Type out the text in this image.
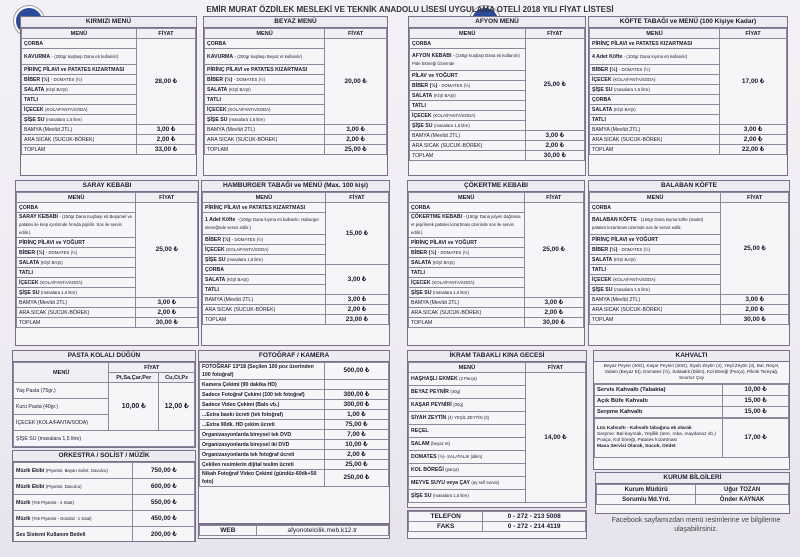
EMİR MURAT ÖZDİLEK MESLEKİ VE TEKNİK ANADOLU LİSESİ UYGULAMA OTELİ 2018 YILI FİYAT LİSTESİ
KIRMIZI MENÜ
MENÜ	FİYAT
ÇORBA	28,00 ₺
KAVURMA - (200gr kuşbaşı Dana eti kullanılır)	
PİRİNÇ PİLAVI ve PATATES KIZARTMASI	
BİBER (½) - DOMATES (½)	
SALATA (KİŞİ BAŞI)	
TATLI	
İÇECEK (KOLA/FANTA/SODA)	
ŞİŞE SU (masalara 1,5 litre)	
BAMYA (Mevlüt 2TL)	3,00 ₺
ARA SICAK (SUCUK-BÖREK)	2,00 ₺
TOPLAM	33,00 ₺
BEYAZ MENÜ
MENÜ	FİYAT
ÇORBA	20,00 ₺
KAVURMA - (200gr kuşbaşı Beyaz et kullanılır)	
PİRİNÇ PİLAVI ve PATATES KIZARTMASI	
BİBER (½) - DOMATES (½)	
SALATA (KİŞİ BAŞI)	
TATLI	
İÇECEK (KOLA/FANTA/SODA)	
ŞİŞE SU (masalara 1,5 litre)	
BAMYA (Mevlüt 2TL)	3,00 ₺
ARA SICAK (SUCUK-BÖREK)	2,00 ₺
TOPLAM	25,00 ₺
AFYON MENÜ
MENÜ	FİYAT
ÇORBA	25,00 ₺
AFYON KEBABI - (140gr kuşbaşı Dana eti kullanılır) Pide Ekmeği Üzerinde	
PİLAV ve YOĞURT	
BİBER (½) - DOMATES (½)	
SALATA (KİŞİ BAŞI)	
TATLI	
İÇECEK (KOLA/FANTA/SODA)	
ŞİŞE SU (masalara 1,5 litre)	
BAMYA (Mevlüt 2TL)	3,00 ₺
ARA SICAK (SUCUK-BÖREK)	2,00 ₺
TOPLAM	30,00 ₺
KÖFTE TABAĞI ve MENÜ (100 Kişiye Kadar)
MENÜ	FİYAT
PİRİNÇ PİLAVI ve PATATES KIZARTMASI	17,00 ₺
4 Adet Köfte - (100gr Dana kıyma eti kullanılır)	
BİBER (½) - DOMATES (½)	
İÇECEK (KOLA/FANTA/SODA)	
ŞİŞE SU (masalara 1,5 litre)	
ÇORBA	
SALATA (KİŞİ BAŞI)	
TATLI	
BAMYA (Mevlüt 2TL)	3,00 ₺
ARA SICAK (SUCUK-BÖREK)	2,00 ₺
TOPLAM	22,00 ₺
SARAY KEBABI
MENÜ	FİYAT
ÇORBA	25,00 ₺
SARAY KEBABI - (150gr Dana Kuşbaşı eti Beşamel ve patates ile krep içerisinde fırında pişirilir. Sos ile servis edilir.)	
PİRİNÇ PİLAVI ve YOĞURT	
BİBER (½) - DOMATES (½)	
SALATA (KİŞİ BAŞI)	
TATLI	
İÇECEK (KOLA/FANTA/SODA)	
ŞİŞE SU (masalara 1,5 litre)	
BAMYA (Mevlüt 2TL)	3,00 ₺
ARA SICAK (SUCUK-BÖREK)	2,00 ₺
TOPLAM	30,00 ₺
HAMBURGER TABAĞI ve MENÜ (Max. 100 kişi)
MENÜ	FİYAT
PİRİNÇ PİLAVI ve PATATES KIZARTMASI	15,00 ₺
1 Adet Köfte - (100gr Dana kıyma eti kullanılır. Haburger ekmeğinde servis edilir.)	
BİBER (½) - DOMATES (½)	
İÇECEK (KOLA/FANTA/SODA)	
ŞİŞE SU (masalara 1,5 litre)	
ÇORBA	3,00 ₺
SALATA (KİŞİ BAŞI)	
TATLI	
BAMYA (Mevlüt 2TL)	3,00 ₺
ARA SICAK (SUCUK-BÖREK)	2,00 ₺
TOPLAM	23,00 ₺
ÇÖKERTME KEBABI
MENÜ	FİYAT
ÇORBA	25,00 ₺
ÇÖKERTME KEBABI - (150gr Dana julyen doğrama et pişirilerek patates kızartması üzerinde sos ile servis edilir.)	
PİRİNÇ PİLAVI ve YOĞURT	
BİBER (½) - DOMATES (½)	
SALATA (KİŞİ BAŞI)	
TATLI	
İÇECEK (KOLA/FANTA/SODA)	
ŞİŞE SU (masalara 1,5 litre)	
BAMYA (Mevlüt 2TL)	3,00 ₺
ARA SICAK (SUCUK-BÖREK)	2,00 ₺
TOPLAM	30,00 ₺
BALABAN KÖFTE
MENÜ	FİYAT
ÇORBA	25,00 ₺
BALABAN KÖFTE - (150gr Dana kıyma köfte (Sadet) patates kızartması üzerinde sos ile servis edilir.	
PİRİNÇ PİLAVI ve YOĞURT	
BİBER (½) - DOMATES (½)	
SALATA (KİŞİ BAŞI)	
TATLI	
İÇECEK (KOLA/FANTA/SODA)	
ŞİŞE SU (masalara 1,5 litre)	
BAMYA (Mevlüt 2TL)	3,00 ₺
ARA SICAK (SUCUK-BÖREK)	2,00 ₺
TOPLAM	30,00 ₺
PASTA KOLALI DÜĞÜN
MENÜ	FİYAT	
	Pt,Sa,Çar,Per	Cu,Ct,Pz
Yaş Pasta (75gr.)	10,00 ₺	12,00 ₺
Kuru Pasta (40gr.)		
İÇECEK (KOLA/FANTA/SODA)		
ŞİŞE SU (masalara 1,5 litre)		
ORKESTRA / SOLİST / MÜZİK
Müzik Ekibi (Piyanist, Bayan Solist, Davulcu)	750,00 ₺
Müzik Ekibi (Piyanist, Davulcu)	600,00 ₺
Müzik (Tek Piyanist - 4 Saat)	550,00 ₺
Müzik (Tek Piyanist - Gündüz -1 Saat)	450,00 ₺
Ses Sistemi Kullanım Bedeli	200,00 ₺
FOTOĞRAF / KAMERA
FOTOĞRAF 13*18 (Seçilen 100 poz üzerinden 100 fotoğraf)	500,00 ₺
Kamera Çekimi (90 dakika HD)	
Sadece Fotoğraf Çekimi (100 tek fotoğraf)	300,00 ₺
Sadece Video Çekimi (Balo vb.)	300,00 ₺
...Extra baskı ücreti (tek fotoğraf)	1,00 ₺
...Extra 90dk. HD çekim ücreti	75,00 ₺
Organizasyonlarda bireysel tek DVD	7,00 ₺
Organizasyonlarda bireysel iki DVD	10,00 ₺
Organizasyonlarda tek fotoğraf ücreti	2,00 ₺
Çekilen resimlerin dijital teslim ücreti	25,00 ₺
Nikah Fotoğraf Video Çekimi (gündüz-60dk+50 foto)	250,00 ₺
WEB	afyonotelcilik.meb.k12.tr
İKRAM TABAKLI KINA GECESİ
MENÜ	FİYAT
HAŞHAŞLI EKMEK (2 Parça)	14,00 ₺
BEYAZ PEYNİR (40g)	
KAŞAR PEYNİRİ (30g)	
SİYAH ZEYTİN (4) YEŞİL ZEYTİN (3)	
REÇEL	
SALAM (beyaz et)	
DOMATES (½)- SALATALIK (dilim)	
KOL BÖREĞİ (parça)	
MEYVE SUYU veya ÇAY (ay self servis)	
ŞİŞE SU (masalara 1,5 litre)	
TELEFON	0 - 272 - 213 5008
FAKS	0 - 272 - 214 4119
KAHVALTI
Beyaz Peynir (40G), Kaşar Peyniri (30G), Siyah Zeytin (4), Yeşil Zeytin (3), Bal, Reçel, Salam (Beyaz Et), Domates (½), Salatalık (Dilim), Kol Böreği (Parça), Piknik Tereyağ, Sınırsız Çay
Servis Kahvaltı (Tabakta)	10,00 ₺
Açık Büfe Kahvaltı	15,00 ₺
Serpme Kahvaltı	15,00 ₺
Lüx Kahvaltı - Kahvaltı tabağına ek olarak
Serpme: Bal-kaymak, Yeşillik (tere, roka, maydanoz vb.) Poaça, Kol böreği, Patates kızartması
Masa Servisi Olarak, Sucuk, Omlet	17,00 ₺
KURUM BİLGİLERİ
Kurum Müdürü	Uğur TOZAN
Sorumlu Md.Yrd.	Önder KAYNAK
Facebook sayfamızdan menü resimlerine ve bilgilerine ulaşabilirsiniz.
